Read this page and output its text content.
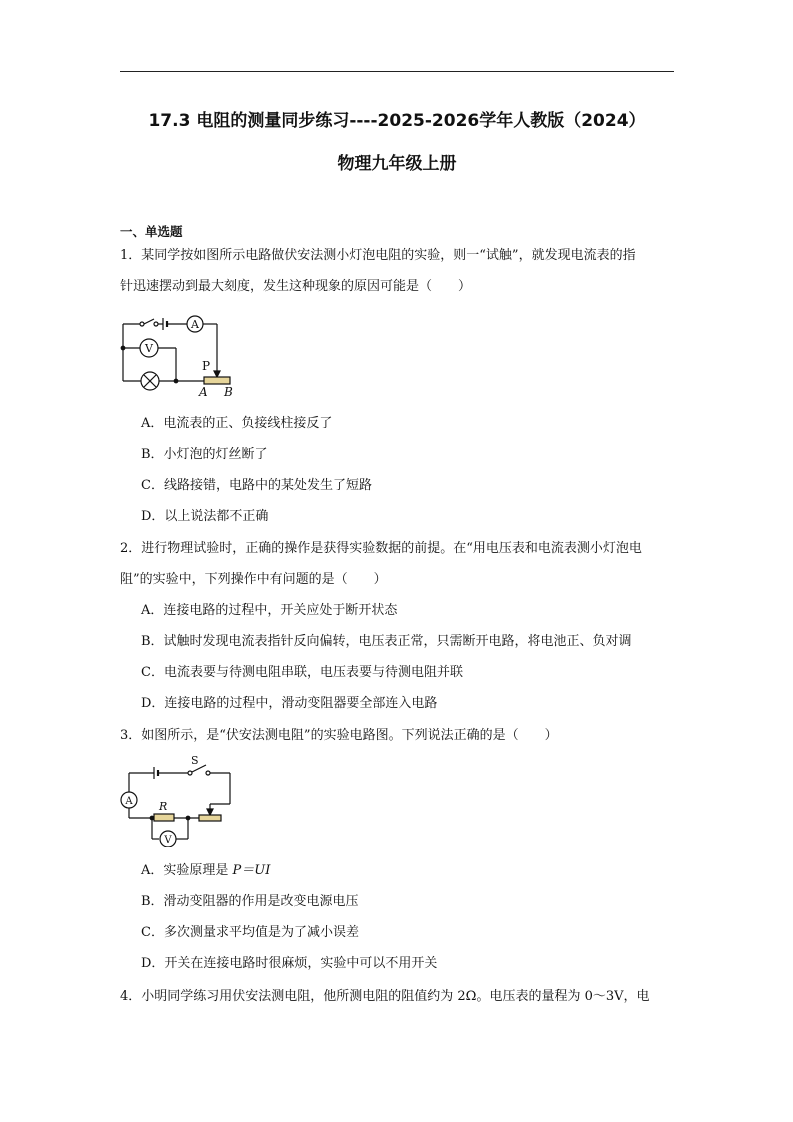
17.3 电阻的测量同步练习----2025-2026学年人教版（2024）
物理九年级上册
一、单选题
1．某同学按如图所示电路做伏安法测小灯泡电阻的实验，则一“试触”，就发现电流表的指
针迅速摆动到最大刻度，发生这种现象的原因可能是（　　）
A
V
P
A B
A．电流表的正、负接线柱接反了
B．小灯泡的灯丝断了
C．线路接错，电路中的某处发生了短路
D．以上说法都不正确
2．进行物理试验时，正确的操作是获得实验数据的前提。在“用电压表和电流表测小灯泡电
阻”的实验中，下列操作中有问题的是（　　）
A．连接电路的过程中，开关应处于断开状态
B．试触时发现电流表指针反向偏转，电压表正常，只需断开电路，将电池正、负对调
C．电流表要与待测电阻串联，电压表要与待测电阻并联
D．连接电路的过程中，滑动变阻器要全部连入电路
3．如图所示，是“伏安法测电阻”的实验电路图。下列说法正确的是（　　）
S
A R
V
A．实验原理是 P＝UI
B．滑动变阻器的作用是改变电源电压
C．多次测量求平均值是为了减小误差
D．开关在连接电路时很麻烦，实验中可以不用开关
4．小明同学练习用伏安法测电阻，他所测电阻的阻值约为 2Ω。电压表的量程为 0～3V，电
